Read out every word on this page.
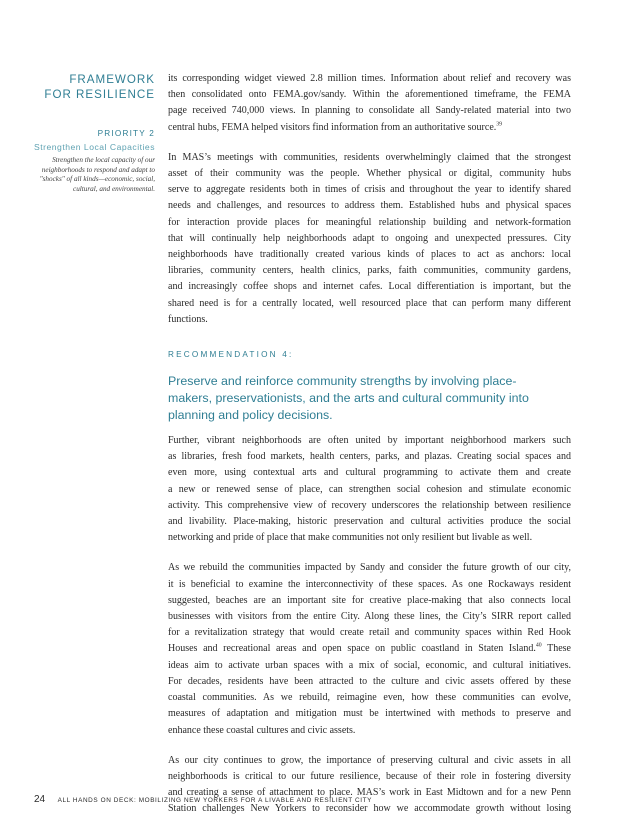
FRAMEWORK
FOR RESILIENCE
PRIORITY 2
Strengthen Local Capacities
Strengthen the local capacity of our
neighborhoods to respond and adapt to
"shocks" of all kinds—economic, social,
cultural, and environmental.

its corresponding widget viewed 2.8 million times. Information about relief and recovery was
then consolidated onto FEMA.gov/sandy. Within the aforementioned timeframe, the FEMA
page received 740,000 views. In planning to consolidate all Sandy-related material into two
central hubs, FEMA helped visitors find information from an authoritative source.$^{39}$

In MAS’s meetings with communities, residents overwhelmingly claimed that the strongest
asset of their community was the people. Whether physical or digital, community hubs
serve to aggregate residents both in times of crisis and throughout the year to identify shared
needs and challenges, and resources to address them. Established hubs and physical spaces
for interaction provide places for meaningful relationship building and network-formation
that will continually help neighborhoods adapt to ongoing and unexpected pressures. City
neighborhoods have traditionally created various kinds of places to act as anchors: local
libraries, community centers, health clinics, parks, faith communities, community gardens,
and increasingly coffee shops and internet cafes. Local differentiation is important, but the
shared need is for a centrally located, well resourced place that can perform many different
functions.

RECOMMENDATION 4:
Preserve and reinforce community strengths by involving place-
makers, preservationists, and the arts and cultural community into
planning and policy decisions.

Further, vibrant neighborhoods are often united by important neighborhood markers such
as libraries, fresh food markets, health centers, parks, and plazas. Creating social spaces and
even more, using contextual arts and cultural programming to activate them and create
a new or renewed sense of place, can strengthen social cohesion and stimulate economic
activity. This comprehensive view of recovery underscores the relationship between resilience
and livability. Place-making, historic preservation and cultural activities produce the social
networking and pride of place that make communities not only resilient but livable as well.

As we rebuild the communities impacted by Sandy and consider the future growth of our city,
it is beneficial to examine the interconnectivity of these spaces. As one Rockaways resident
suggested, beaches are an important site for creative place-making that also connects local
businesses with visitors from the entire City. Along these lines, the City’s SIRR report called
for a revitalization strategy that would create retail and community spaces within Red Hook
Houses and recreational areas and open space on public coastland in Staten Island.$^{40}$ These
ideas aim to activate urban spaces with a mix of social, economic, and cultural initiatives.
For decades, residents have been attracted to the culture and civic assets offered by these
coastal communities. As we rebuild, reimagine even, how these communities can evolve,
measures of adaptation and mitigation must be intertwined with methods to preserve and
enhance these coastal cultures and civic assets.

As our city continues to grow, the importance of preserving cultural and civic assets in all
neighborhoods is critical to our future resilience, because of their role in fostering diversity
and creating a sense of attachment to place. MAS’s work in East Midtown and for a new Penn
Station challenges New Yorkers to reconsider how we accommodate growth without losing

24 ALL HANDS ON DECK: MOBILIZING NEW YORKERS FOR A LIVABLE AND RESILIENT CITY
